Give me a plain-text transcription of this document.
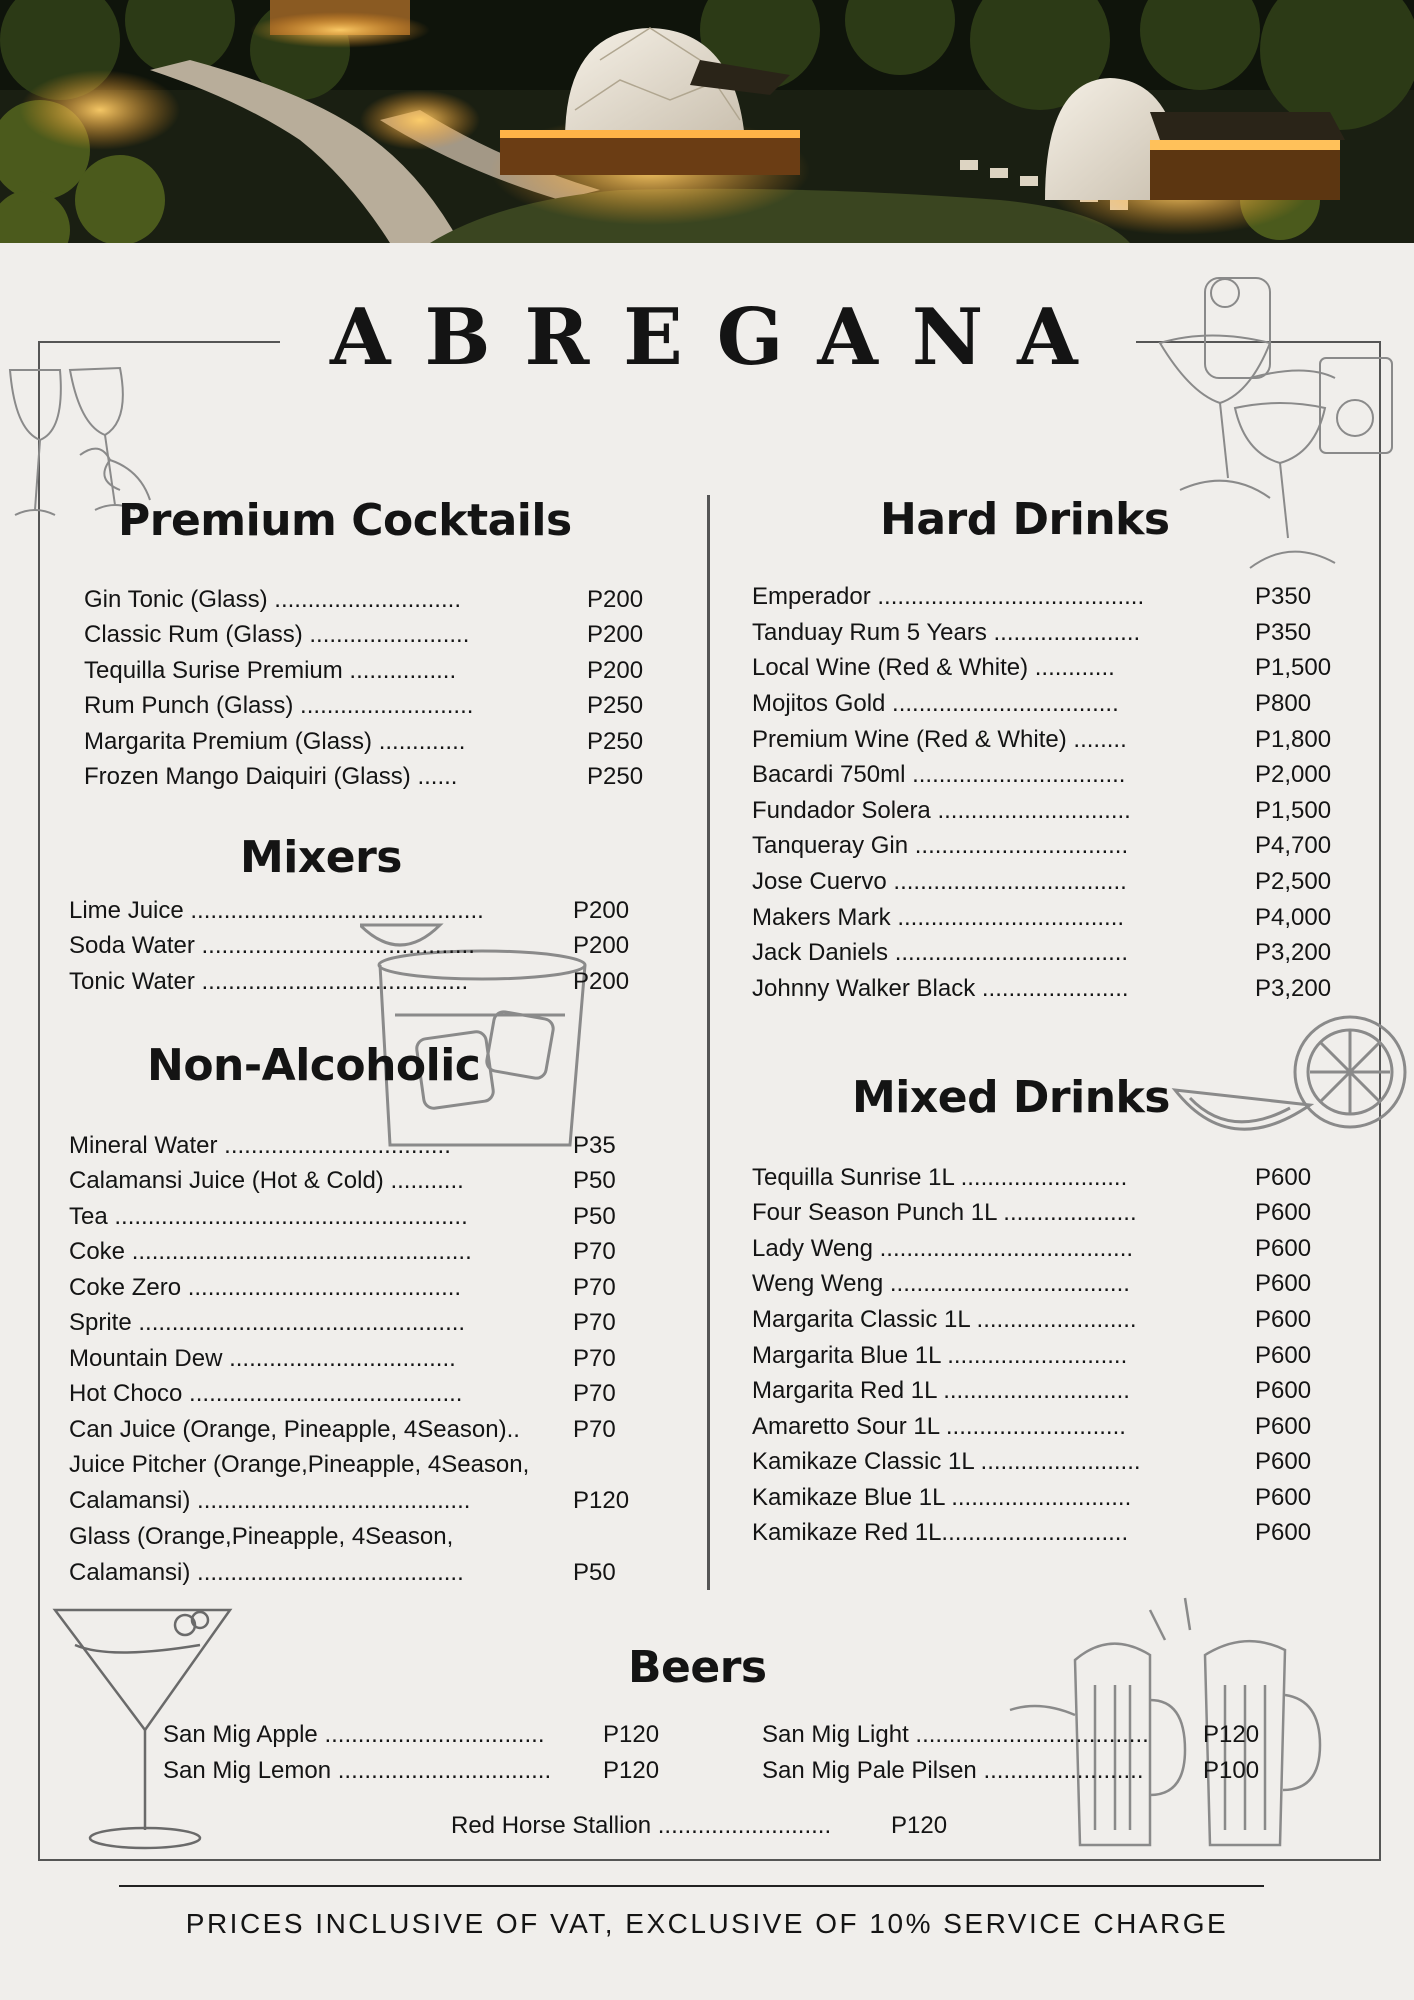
ABREGANA
Premium Cocktails
Mixers
Non-Alcoholic
Hard Drinks
Mixed Drinks
Beers
Gin Tonic (Glass) ............................	P200
Classic Rum (Glass) ........................	P200
Tequilla Surise Premium ................	P200
Rum Punch (Glass) ..........................	P250
Margarita Premium (Glass) .............	P250
Frozen Mango Daiquiri (Glass) ......	P250
Lime Juice ............................................	P200
Soda Water .........................................	P200
Tonic Water ........................................	P200
Mineral Water ..................................	P35
Calamansi Juice (Hot & Cold) ...........	P50
Tea .....................................................	P50
Coke ...................................................	P70
Coke Zero .........................................	P70
Sprite .................................................	P70
Mountain Dew ..................................	P70
Hot Choco .........................................	P70
Can Juice (Orange, Pineapple, 4Season).. P70
Juice Pitcher (Orange,Pineapple, 4Season,
Calamansi) .........................................	P120
Glass (Orange,Pineapple, 4Season,
Calamansi) ........................................	P50
Emperador ........................................	P350
Tanduay Rum 5 Years ......................	P350
Local Wine (Red & White) ............	P1,500
Mojitos Gold ..................................	P800
Premium Wine (Red & White) ........	P1,800
Bacardi 750ml ................................	P2,000
Fundador Solera .............................	P1,500
Tanqueray Gin ................................	P4,700
Jose Cuervo ...................................	P2,500
Makers Mark ..................................	P4,000
Jack Daniels ...................................	P3,200
Johnny Walker Black ......................	P3,200
Tequilla Sunrise 1L .........................	P600
Four Season Punch 1L ....................	P600
Lady Weng ......................................	P600
Weng Weng ....................................	P600
Margarita Classic 1L ........................	P600
Margarita Blue 1L ...........................	P600
Margarita Red 1L ............................	P600
Amaretto Sour 1L ...........................	P600
Kamikaze Classic 1L ........................	P600
Kamikaze Blue 1L ...........................	P600
Kamikaze Red 1L............................	P600
San Mig Apple ................................. P120
San Mig Lemon ................................ P120
San Mig Light ................................... P120
San Mig Pale Pilsen ........................ P100
Red Horse Stallion .......................... P120
PRICES INCLUSIVE OF VAT, EXCLUSIVE OF 10% SERVICE CHARGE
